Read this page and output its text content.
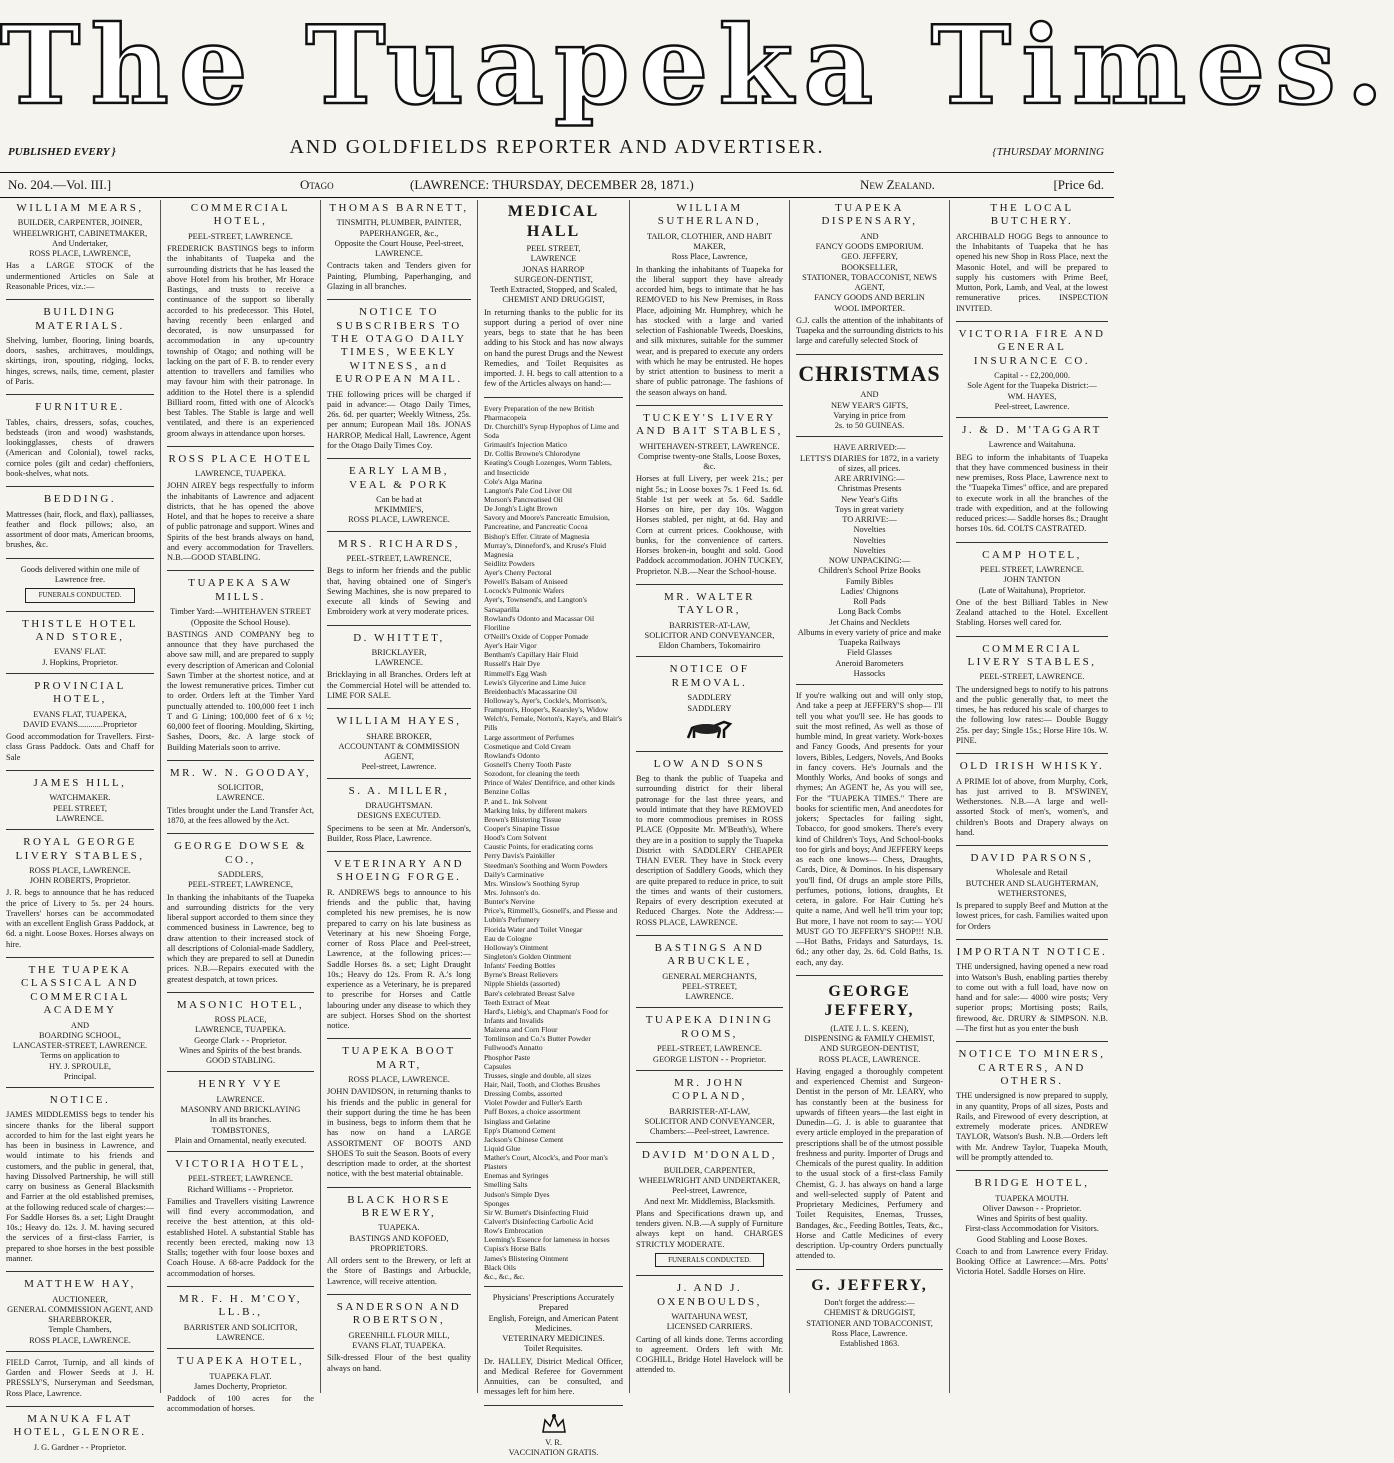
The Tuapeka Times.
PUBLISHED EVERY }	AND GOLDFIELDS REPORTER AND ADVERTISER.	{THURSDAY MORNING
No. 204.—Vol. III.]	Otago	(LAWRENCE: THURSDAY, DECEMBER 28, 1871.)	New Zealand.	[Price 6d.
WILLIAM MEARS,
BUILDER, CARPENTER, JOINER,
WHEELWRIGHT, CABINETMAKER,
And Undertaker,
ROSS PLACE, LAWRENCE,
Has a LARGE STOCK of the undermentioned Articles on Sale at Reasonable Prices, viz.:—
BUILDING MATERIALS.
Shelving, lumber, flooring, lining boards, doors, sashes, architraves, mouldings, skirtings, iron, spouting, ridging, locks, hinges, screws, nails, time, cement, plaster of Paris.
FURNITURE.
Tables, chairs, dressers, sofas, couches, bedsteads (iron and wood) washstands, lookingglasses, chests of drawers (American and Colonial), towel racks, cornice poles (gilt and cedar) cheffoniers, book-shelves, what nots.
BEDDING.
Mattresses (hair, flock, and flax), palliasses, feather and flock pillows; also, an assortment of door mats, American brooms, brushes, &c.
Goods delivered within one mile of Lawrence free.
FUNERALS CONDUCTED.
THISTLE HOTEL AND STORE,
EVANS' FLAT.
J. Hopkins, Proprietor.
PROVINCIAL HOTEL,
EVANS FLAT, TUAPEKA,
DAVID EVANS............Proprietor
Good accommodation for Travellers. First-class Grass Paddock. Oats and Chaff for Sale
JAMES HILL,
WATCHMAKER.
PEEL STREET,
LAWRENCE.
ROYAL GEORGE LIVERY STABLES,
ROSS PLACE, LAWRENCE.
JOHN ROBERTS, Proprietor.
J. R. begs to announce that he has reduced the price of Livery to 5s. per 24 hours. Travellers' horses can be accommodated with an excellent English Grass Paddock, at 6d. a night. Loose Boxes. Horses always on hire.
THE TUAPEKA CLASSICAL AND COMMERCIAL ACADEMY
AND
BOARDING SCHOOL,
LANCASTER-STREET, LAWRENCE.
Terms on application to
HY. J. SPROULE,
Principal.
NOTICE.
JAMES MIDDLEMISS begs to tender his sincere thanks for the liberal support accorded to him for the last eight years he has been in business in Lawrence, and would intimate to his friends and customers, and the public in general, that, having Dissolved Partnership, he will still carry on business as General Blacksmith and Farrier at the old established premises, at the following reduced scale of charges:— For Saddle Horses 8s. a set; Light Draught 10s.; Heavy do. 12s. J. M. having secured the services of a first-class Farrier, is prepared to shoe horses in the best possible manner.
MATTHEW HAY,
AUCTIONEER,
GENERAL COMMISSION AGENT, AND SHAREBROKER,
Temple Chambers,
ROSS PLACE, LAWRENCE.
FIELD Carrot, Turnip, and all kinds of Garden and Flower Seeds at J. H. PRESSLY'S, Nurseryman and Seedsman, Ross Place, Lawrence.
MANUKA FLAT HOTEL, GLENORE.
J. G. Gardner - - Proprietor.
COMMERCIAL HOTEL,
PEEL-STREET, LAWRENCE.
FREDERICK BASTINGS begs to inform the inhabitants of Tuapeka and the surrounding districts that he has leased the above Hotel from his brother, Mr Horace Bastings, and trusts to receive a continuance of the support so liberally accorded to his predecessor. This Hotel, having recently been enlarged and decorated, is now unsurpassed for accommodation in any up-country township of Otago; and nothing will be lacking on the part of F. B. to render every attention to travellers and families who may favour him with their patronage. In addition to the Hotel there is a splendid Billiard room, fitted with one of Alcock's best Tables. The Stable is large and well ventilated, and there is an experienced groom always in attendance upon horses.
ROSS PLACE HOTEL
LAWRENCE, TUAPEKA.
JOHN AIREY begs respectfully to inform the inhabitants of Lawrence and adjacent districts, that he has opened the above Hotel, and that he hopes to receive a share of public patronage and support. Wines and Spirits of the best brands always on hand, and every accommodation for Travellers. N.B.—GOOD STABLING.
TUAPEKA SAW MILLS.
Timber Yard:—WHITEHAVEN STREET
(Opposite the School House).
BASTINGS AND COMPANY beg to announce that they have purchased the above saw mill, and are prepared to supply every description of American and Colonial Sawn Timber at the shortest notice, and at the lowest remunerative prices. Timber cut to order. Orders left at the Timber Yard punctually attended to. 100,000 feet 1 inch T and G Lining; 100,000 feet of 6 x ½; 60,000 feet of flooring. Moulding, Skirting, Sashes, Doors, &c. A large stock of Building Materials soon to arrive.
MR. W. N. GOODAY,
SOLICITOR,
LAWRENCE.
Titles brought under the Land Transfer Act, 1870, at the fees allowed by the Act.
GEORGE DOWSE & CO.,
SADDLERS,
PEEL-STREET, LAWRENCE,
In thanking the inhabitants of the Tuapeka and surrounding districts for the very liberal support accorded to them since they commenced business in Lawrence, beg to draw attention to their increased stock of all descriptions of Colonial-made Saddlery, which they are prepared to sell at Dunedin prices. N.B.—Repairs executed with the greatest despatch, at town prices.
MASONIC HOTEL,
ROSS PLACE,
LAWRENCE, TUAPEKA.
George Clark - - Proprietor.
Wines and Spirits of the best brands.
GOOD STABLING.
HENRY VYE
LAWRENCE.
MASONRY AND BRICKLAYING
In all its branches.
TOMBSTONES,
Plain and Ornamental, neatly executed.
VICTORIA HOTEL,
PEEL-STREET, LAWRENCE.
Richard Williams - - Proprietor.
Families and Travellers visiting Lawrence will find every accommodation, and receive the best attention, at this old-established Hotel. A substantial Stable has recently been erected, making now 13 Stalls; together with four loose boxes and Coach House. A 68-acre Paddock for the accommodation of horses.
MR. F. H. M'COY, LL.B.,
BARRISTER AND SOLICITOR,
LAWRENCE.
TUAPEKA HOTEL,
TUAPEKA FLAT.
James Docherty, Proprietor.
Paddock of 100 acres for the accommodation of horses.
THOMAS BARNETT,
TINSMITH, PLUMBER, PAINTER,
PAPERHANGER, &c.,
Opposite the Court House, Peel-street,
LAWRENCE.
Contracts taken and Tenders given for Painting, Plumbing, Paperhanging, and Glazing in all branches.
NOTICE TO SUBSCRIBERS TO THE OTAGO DAILY TIMES, WEEKLY WITNESS, and EUROPEAN MAIL.
THE following prices will be charged if paid in advance:— Otago Daily Times, 26s. 6d. per quarter; Weekly Witness, 25s. per annum; European Mail 18s. JONAS HARROP, Medical Hall, Lawrence, Agent for the Otago Daily Times Coy.
EARLY LAMB, VEAL & PORK
Can be had at
M'KIMMIE'S,
ROSS PLACE, LAWRENCE.
MRS. RICHARDS,
PEEL-STREET, LAWRENCE,
Begs to inform her friends and the public that, having obtained one of Singer's Sewing Machines, she is now prepared to execute all kinds of Sewing and Embroidery work at very moderate prices.
D. WHITTET,
BRICKLAYER,
LAWRENCE.
Bricklaying in all Branches. Orders left at the Commercial Hotel will be attended to. LIME FOR SALE.
WILLIAM HAYES,
SHARE BROKER,
ACCOUNTANT & COMMISSION AGENT,
Peel-street, Lawrence.
S. A. MILLER,
DRAUGHTSMAN.
DESIGNS EXECUTED.
Specimens to be seen at Mr. Anderson's, Builder, Ross Place, Lawrence.
VETERINARY AND SHOEING FORGE.
R. ANDREWS begs to announce to his friends and the public that, having completed his new premises, he is now prepared to carry on his late business as Veterinary at his new Shoeing Forge, corner of Ross Place and Peel-street, Lawrence, at the following prices:— Saddle Horses 8s. a set; Light Draught 10s.; Heavy do 12s. From R. A.'s long experience as a Veterinary, he is prepared to prescribe for Horses and Cattle labouring under any disease to which they are subject. Horses Shod on the shortest notice.
TUAPEKA BOOT MART,
ROSS PLACE, LAWRENCE.
JOHN DAVIDSON, in returning thanks to his friends and the public in general for their support during the time he has been in business, begs to inform them that he has now on hand a LARGE ASSORTMENT OF BOOTS AND SHOES To suit the Season. Boots of every description made to order, at the shortest notice, with the best material obtainable.
BLACK HORSE BREWERY,
TUAPEKA.
BASTINGS AND KOFOED,
PROPRIETORS.
All orders sent to the Brewery, or left at the Store of Bastings and Arbuckle, Lawrence, will receive attention.
SANDERSON AND ROBERTSON,
GREENHILL FLOUR MILL,
EVANS FLAT, TUAPEKA.
Silk-dressed Flour of the best quality always on hand.
MEDICAL HALL
PEEL STREET,
LAWRENCE
JONAS HARROP
SURGEON-DENTIST,
Teeth Extracted, Stopped, and Scaled,
CHEMIST AND DRUGGIST,
In returning thanks to the public for its support during a period of over nine years, begs to state that he has been adding to his Stock and has now always on hand the purest Drugs and the Newest Remedies, and Toilet Requisites as imported. J. H. begs to call attention to a few of the Articles always on hand:—
Every Preparation of the new British Pharmacopeia
Dr. Churchill's Syrup Hypophos of Lime and Soda
Grimault's Injection Matico
Dr. Collis Browne's Chlorodyne
Keating's Cough Lozenges, Worm Tablets, and Insecticide
Cole's Alga Marina
Langton's Pale Cod Liver Oil
Morson's Pancreatised Oil
De Jongh's Light Brown
Savory and Moore's Pancreatic Emulsion, Pancreatine, and Pancreatic Cocoa
Bishop's Effer. Citrate of Magnesia
Murray's, Dinneford's, and Kruse's Fluid Magnesia
Seidlitz Powders
Ayer's Cherry Pectoral
Powell's Balsam of Aniseed
Locock's Pulmonic Wafers
Ayer's, Townsend's, and Langton's Sarsaparilla
Rowland's Odonto and Macassar Oil
Floriline
O'Neill's Oxide of Copper Pomade
Ayer's Hair Vigor
Bentham's Capillary Hair Fluid
Russell's Hair Dye
Rimmell's Egg Wash
Lewis's Glycerine and Lime Juice
Breidenbach's Macassarine Oil
Holloway's, Ayer's, Cockle's, Morrison's, Frampton's, Hooper's, Kearsley's, Widow Welch's, Female, Norton's, Kaye's, and Blair's Pills
Large assortment of Perfumes
Cosmetique and Cold Cream
Rowland's Odonto
Gosnell's Cherry Tooth Paste
Sozodont, for cleaning the teeth
Prince of Wales' Dentifrice, and other kinds
Benzine Collas
P. and L. Ink Solvent
Marking Inks, by different makers
Brown's Blistering Tissue
Cooper's Sinapine Tissue
Hood's Corn Solvent
Caustic Points, for eradicating corns
Perry Davis's Painkiller
Steedman's Soothing and Worm Powders
Daily's Carminative
Mrs. Winslow's Soothing Syrup
Mrs. Johnson's do.
Bunter's Nervine
Price's, Rimmell's, Gosnell's, and Piesse and Lubin's Perfumery
Florida Water and Toilet Vinegar
Eau de Cologne
Holloway's Ointment
Singleton's Golden Ointment
Infants' Feeding Bottles
Byrne's Breast Relievers
Nipple Shields (assorted)
Bare's celebrated Breast Salve
Teeth Extract of Meat
Hard's, Liebig's, and Chapman's Food for Infants and Invalids
Maizena and Corn Flour
Tomlinson and Co.'s Butter Powder
Fullwood's Annatto
Phosphor Paste
Capsules
Trusses, single and double, all sizes
Hair, Nail, Tooth, and Clothes Brushes
Dressing Combs, assorted
Violet Powder and Fuller's Earth
Puff Boxes, a choice assortment
Isinglass and Gelatine
Epp's Diamond Cement
Jackson's Chinese Cement
Liquid Glue
Mather's Court, Alcock's, and Poor man's Plasters
Enemas and Syringes
Smelling Salts
Judson's Simple Dyes
Sponges
Sir W. Burnett's Disinfecting Fluid
Calvert's Disinfecting Carbolic Acid
Row's Embrocation
Leeming's Essence for lameness in horses
Cupiss's Horse Balls
James's Blistering Ointment
Black Oils
&c., &c., &c.
Physicians' Prescriptions Accurately Prepared
English, Foreign, and American Patent Medicines.
VETERINARY MEDICINES.
Toilet Requisites.
Dr. HALLEY, District Medical Officer, and Medical Referee for Government Annuities, can be consulted, and messages left for him here.
V. R.
VACCINATION GRATIS.
WILLIAM SUTHERLAND,
TAILOR, CLOTHIER, AND HABIT MAKER,
Ross Place, Lawrence,
In thanking the inhabitants of Tuapeka for the liberal support they have already accorded him, begs to intimate that he has REMOVED to his New Premises, in Ross Place, adjoining Mr. Humphrey, which he has stocked with a large and varied selection of Fashionable Tweeds, Doeskins, and silk mixtures, suitable for the summer wear, and is prepared to execute any orders with which he may be entrusted. He hopes by strict attention to business to merit a share of public patronage. The fashions of the season always on hand.
TUCKEY'S LIVERY AND BAIT STABLES,
WHITEHAVEN-STREET, LAWRENCE.
Comprise twenty-one Stalls, Loose Boxes, &c.
Horses at full Livery, per week 21s.; per night 5s.; in Loose boxes 7s. 1 Feed 1s. 6d. Stable 1st per week at 5s. 6d. Saddle Horses on hire, per day 10s. Waggon Horses stabled, per night, at 6d. Hay and Corn at current prices. Cookhouse, with bunks, for the convenience of carters. Horses broken-in, bought and sold. Good Paddock accommodation. JOHN TUCKEY, Proprietor. N.B.—Near the School-house.
MR. WALTER TAYLOR,
BARRISTER-AT-LAW,
SOLICITOR AND CONVEYANCER,
Eldon Chambers, Tokomairiro
NOTICE OF REMOVAL.
SADDLERY
SADDLERY
LOW AND SONS
Beg to thank the public of Tuapeka and surrounding district for their liberal patronage for the last three years, and would intimate that they have REMOVED to more commodious premises in ROSS PLACE (Opposite Mr. M'Beath's), Where they are in a position to supply the Tuapeka District with SADDLERY CHEAPER THAN EVER. They have in Stock every description of Saddlery Goods, which they are quite prepared to reduce in price, to suit the times and wants of their customers. Repairs of every description executed at Reduced Charges. Note the Address:— ROSS PLACE, LAWRENCE.
BASTINGS AND ARBUCKLE,
GENERAL MERCHANTS,
PEEL-STREET,
LAWRENCE.
TUAPEKA DINING ROOMS,
PEEL-STREET, LAWRENCE.
GEORGE LISTON - - Proprietor.
MR. JOHN COPLAND,
BARRISTER-AT-LAW,
SOLICITOR AND CONVEYANCER,
Chambers:—Peel-street, Lawrence.
DAVID M'DONALD,
BUILDER, CARPENTER,
WHEELWRIGHT AND UNDERTAKER,
Peel-street, Lawrence,
And next Mr. Middlemiss, Blacksmith.
Plans and Specifications drawn up, and tenders given. N.B.—A supply of Furniture always kept on hand. CHARGES STRICTLY MODERATE.
FUNERALS CONDUCTED.
J. AND J. OXENBOULDS,
WAITAHUNA WEST,
LICENSED CARRIERS.
Carting of all kinds done. Terms according to agreement. Orders left with Mr. COGHILL, Bridge Hotel Havelock will be attended to.
TUAPEKA DISPENSARY,
AND
FANCY GOODS EMPORIUM.
GEO. JEFFERY,
BOOKSELLER,
STATIONER, TOBACCONIST, NEWS AGENT,
FANCY GOODS AND BERLIN
WOOL IMPORTER.
G.J. calls the attention of the inhabitants of Tuapeka and the surrounding districts to his large and carefully selected Stock of
CHRISTMAS
AND
NEW YEAR'S GIFTS,
Varying in price from
2s. to 50 GUINEAS.
HAVE ARRIVED:—
LETTS'S DIARIES for 1872, in a variety of sizes, all prices.
ARE ARRIVING:—
Christmas Presents
New Year's Gifts
Toys in great variety
TO ARRIVE:—
Novelties
Novelties
Novelties
NOW UNPACKING:—
Children's School Prize Books
Family Bibles
Ladies' Chignons
Roll Pads
Long Back Combs
Jet Chains and Necklets
Albums in every variety of price and make
Tuapeka Railways
Field Glasses
Aneroid Barometers
Hassocks
If you're walking out and will only stop, And take a peep at JEFFERY'S shop— I'll tell you what you'll see. He has goods to suit the most refined, As well as those of humble mind, In great variety. Work-boxes and Fancy Goods, And presents for your lovers, Bibles, Ledgers, Novels, And Books in fancy covers. He's Journals and the Monthly Works, And books of songs and rhymes; An AGENT he, As you will see, For the "TUAPEKA TIMES." There are books for scientific men, And anecdotes for jokers; Spectacles for failing sight, Tobacco, for good smokers. There's every kind of Children's Toys, And School-books too for girls and boys; And JEFFERY keeps as each one knows— Chess, Draughts, Cards, Dice, & Dominos. In his dispensary you'll find, Of drugs an ample store Pills, perfumes, potions, lotions, draughts, Et cetera, in galore. For Hair Cutting he's quite a name, And well he'll trim your top; But more, I have not room to say:— YOU MUST GO TO JEFFERY'S SHOP!!! N.B.—Hot Baths, Fridays and Saturdays, 1s. 6d.; any other day, 2s. 6d. Cold Baths, 1s. each, any day.
GEORGE JEFFERY,
(LATE J. L. S. KEEN),
DISPENSING & FAMILY CHEMIST,
AND SURGEON-DENTIST,
ROSS PLACE, LAWRENCE.
Having engaged a thoroughly competent and experienced Chemist and Surgeon-Dentist in the person of Mr. LEARY, who has constantly been at the business for upwards of fifteen years—the last eight in Dunedin—G. J. is able to guarantee that every article employed in the preparation of prescriptions shall be of the utmost possible freshness and purity. Importer of Drugs and Chemicals of the purest quality. In addition to the usual stock of a first-class Family Chemist, G. J. has always on hand a large and well-selected supply of Patent and Proprietary Medicines, Perfumery and Toilet Requisites, Enemas, Trusses, Bandages, &c., Feeding Bottles, Teats, &c., Horse and Cattle Medicines of every description. Up-country Orders punctually attended to.
G. JEFFERY,
Don't forget the address:—
CHEMIST & DRUGGIST,
STATIONER AND TOBACCONIST,
Ross Place, Lawrence.
Established 1863.
THE LOCAL BUTCHERY.
ARCHIBALD HOGG Begs to announce to the Inhabitants of Tuapeka that he has opened his new Shop in Ross Place, next the Masonic Hotel, and will be prepared to supply his customers with Prime Beef, Mutton, Pork, Lamb, and Veal, at the lowest remunerative prices. INSPECTION INVITED.
VICTORIA FIRE AND GENERAL INSURANCE CO.
Capital - - £2,200,000.
Sole Agent for the Tuapeka District:—
WM. HAYES,
Peel-street, Lawrence.
J. & D. M'TAGGART
Lawrence and Waitahuna.
BEG to inform the inhabitants of Tuapeka that they have commenced business in their new premises, Ross Place, Lawrence next to the "Tuapeka Times" office, and are prepared to execute work in all the branches of the trade with expedition, and at the following reduced prices:— Saddle horses 8s.; Draught horses 10s. 6d. COLTS CASTRATED.
CAMP HOTEL,
PEEL STREET, LAWRENCE.
JOHN TANTON
(Late of Waitahuna), Proprietor.
One of the best Billiard Tables in New Zealand attached to the Hotel. Excellent Stabling. Horses well cared for.
COMMERCIAL LIVERY STABLES,
PEEL-STREET, LAWRENCE.
The undersigned begs to notify to his patrons and the public generally that, to meet the times, he has reduced his scale of charges to the following low rates:— Double Buggy 25s. per day; Single 15s.; Horse Hire 10s. W. PINE.
OLD IRISH WHISKY.
A PRIME lot of above, from Murphy, Cork, has just arrived to B. M'SWINEY, Wetherstones. N.B.—A large and well-assorted Stock of men's, women's, and children's Boots and Drapery always on hand.
DAVID PARSONS,
Wholesale and Retail
BUTCHER AND SLAUGHTERMAN,
WETHERSTONES,
Is prepared to supply Beef and Mutton at the lowest prices, for cash. Families waited upon for Orders
IMPORTANT NOTICE.
THE undersigned, having opened a new road into Watson's Bush, enabling parties thereby to come out with a full load, have now on hand and for sale:— 4000 wire posts; Very superior props; Mortising posts; Rails, firewood, &c. DRURY & SIMPSON. N.B.—The first hut as you enter the bush
NOTICE TO MINERS, CARTERS, AND OTHERS.
THE undersigned is now prepared to supply, in any quantity, Props of all sizes, Posts and Rails, and Firewood of every description, at extremely moderate prices. ANDREW TAYLOR, Watson's Bush. N.B.—Orders left with Mr. Andrew Taylor, Tuapeka Mouth, will be promptly attended to.
BRIDGE HOTEL,
TUAPEKA MOUTH.
Oliver Dawson - - Proprietor.
Wines and Spirits of best quality.
First-class Accommodation for Visitors.
Good Stabling and Loose Boxes.
Coach to and from Lawrence every Friday. Booking Office at Lawrence:—Mrs. Potts' Victoria Hotel. Saddle Horses on Hire.
